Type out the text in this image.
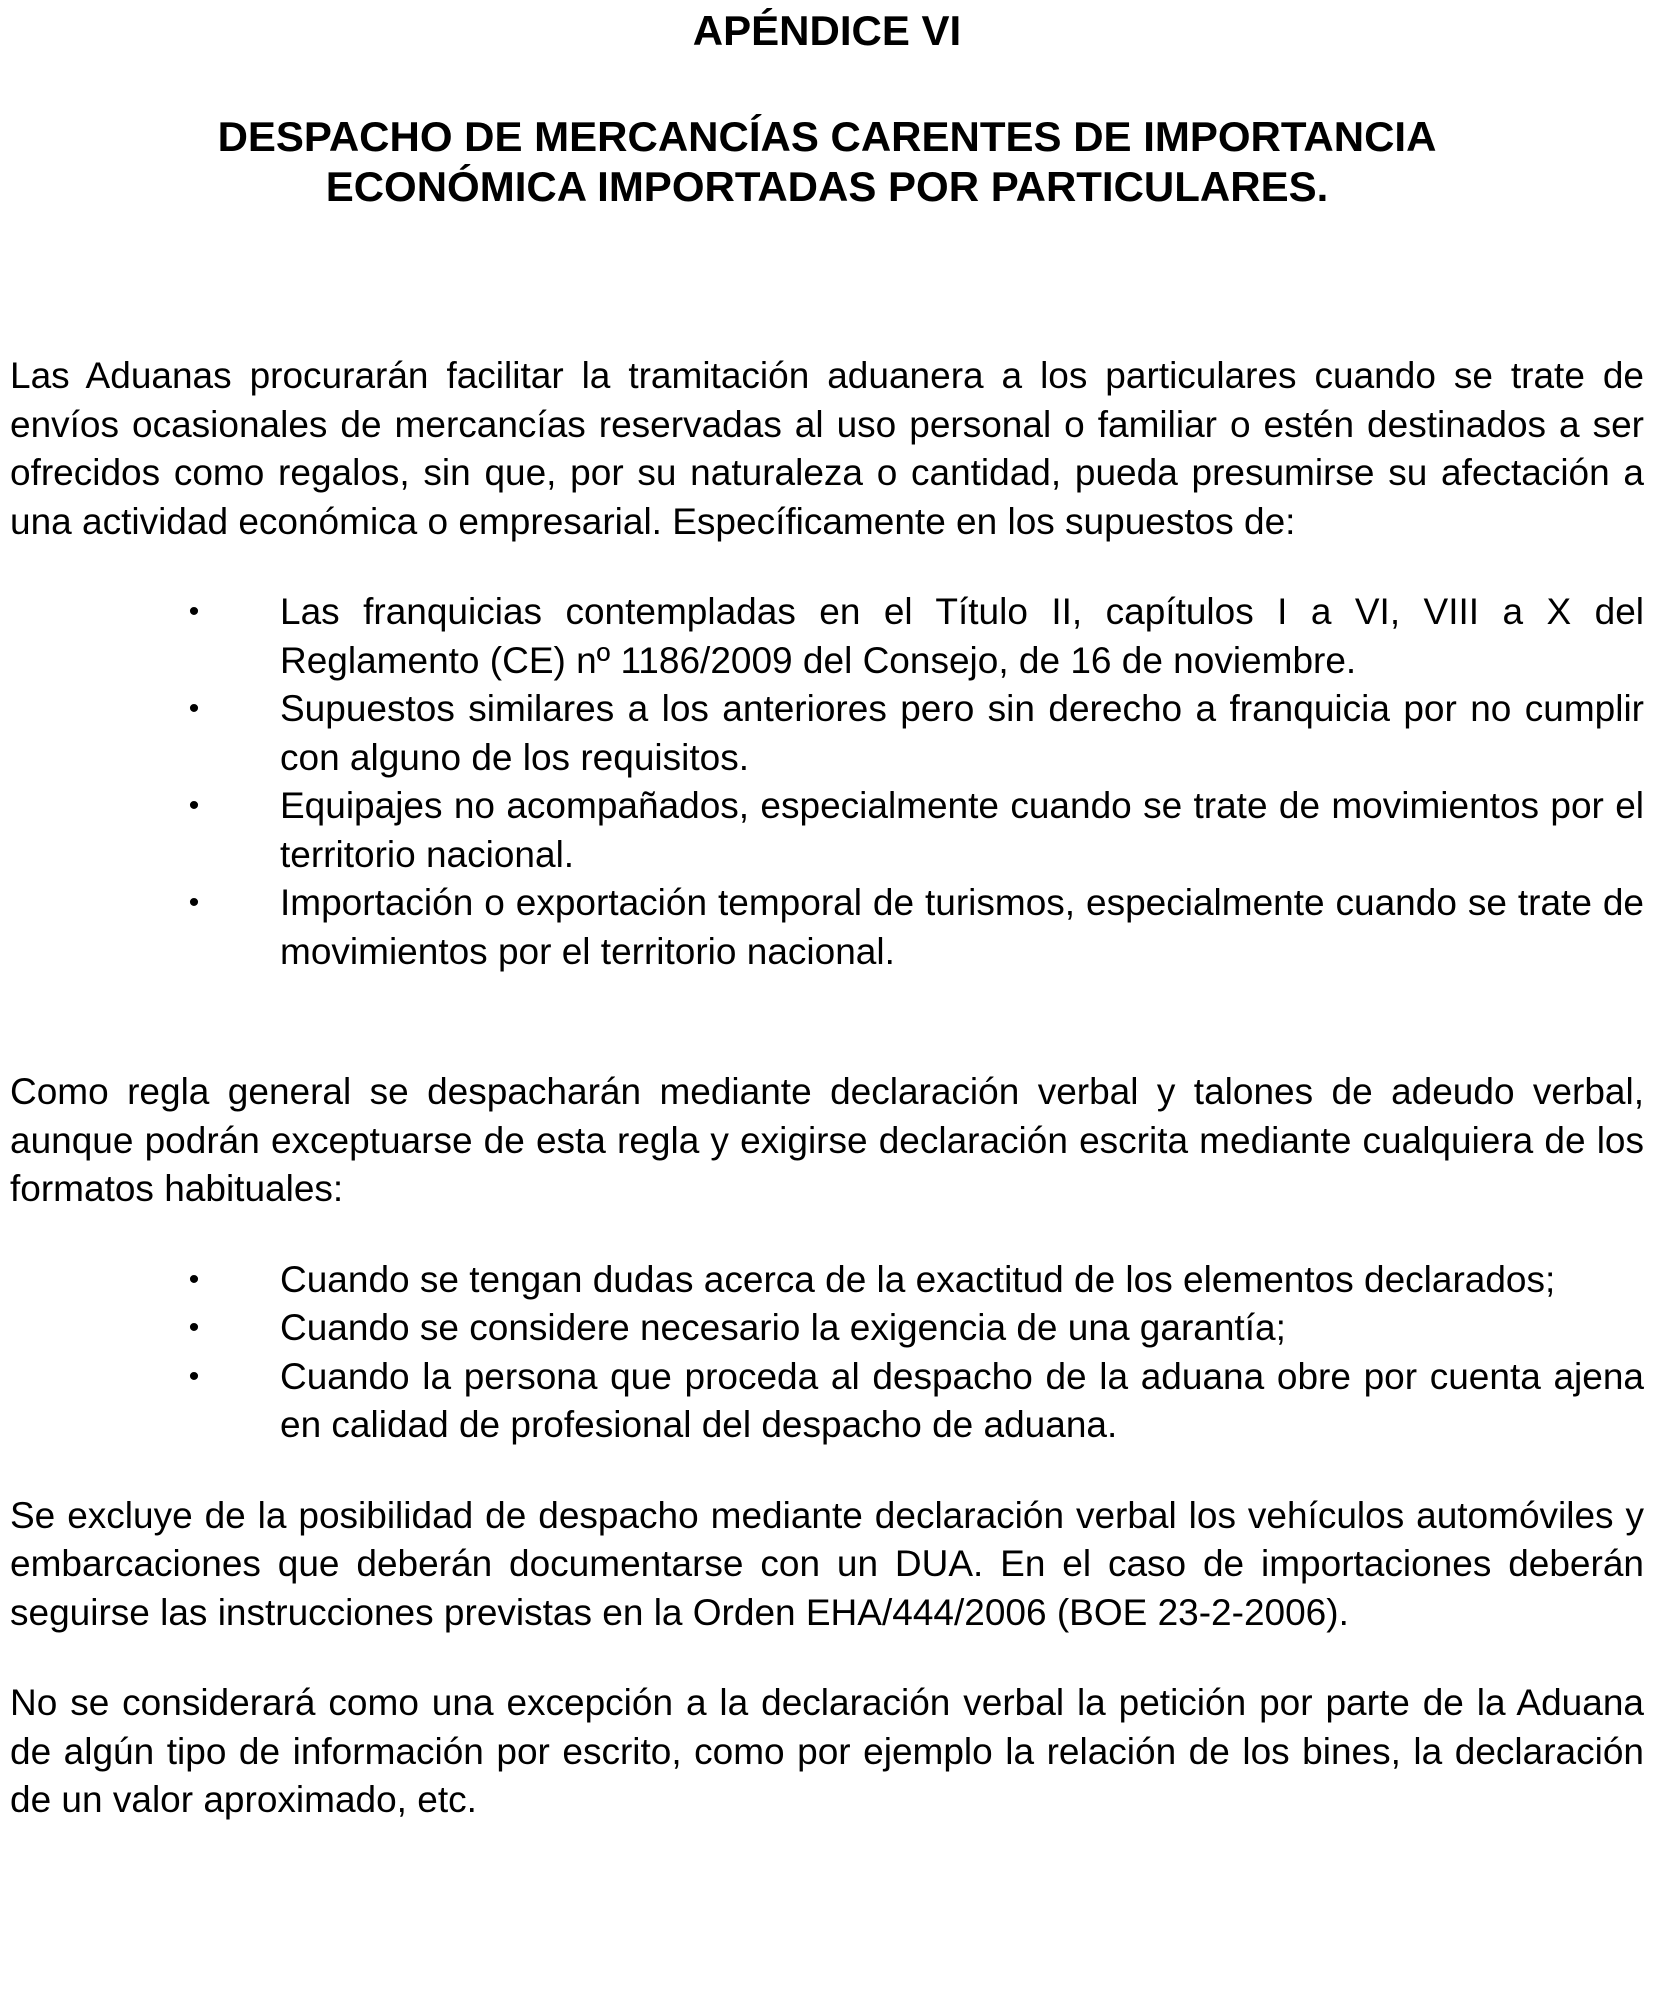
APÉNDICE VI
DESPACHO DE MERCANCÍAS CARENTES DE IMPORTANCIA
ECONÓMICA IMPORTADAS POR PARTICULARES.

Las Aduanas procurarán facilitar la tramitación aduanera a los particulares cuando se trate de envíos ocasionales de mercancías reservadas al uso personal o familiar o estén destinados a ser ofrecidos como regalos, sin que, por su naturaleza o cantidad, pueda presumirse su afectación a una actividad económica o empresarial. Específicamente en los supuestos de:

•	Las franquicias contempladas en el Título II, capítulos I a VI, VIII a X del Reglamento (CE) nº 1186/2009 del Consejo, de 16 de noviembre.
•	Supuestos similares a los anteriores pero sin derecho a franquicia por no cumplir con alguno de los requisitos.
•	Equipajes no acompañados, especialmente cuando se trate de movimientos por el territorio nacional.
•	Importación o exportación temporal de turismos, especialmente cuando se trate de movimientos por el territorio nacional.

Como regla general se despacharán mediante declaración verbal y talones de adeudo verbal, aunque podrán exceptuarse de esta regla y exigirse declaración escrita mediante cualquiera de los formatos habituales:

•	Cuando se tengan dudas acerca de la exactitud de los elementos declarados;
•	Cuando se considere necesario la exigencia de una garantía;
•	Cuando la persona que proceda al despacho de la aduana obre por cuenta ajena en calidad de profesional del despacho de aduana.

Se excluye de la posibilidad de despacho mediante declaración verbal los vehículos automóviles y embarcaciones que deberán documentarse con un DUA. En el caso de importaciones deberán seguirse las instrucciones previstas en la Orden EHA/444/2006 (BOE 23-2-2006).

No se considerará como una excepción a la declaración verbal la petición por parte de la Aduana de algún tipo de información por escrito, como por ejemplo la relación de los bines, la declaración de un valor aproximado, etc.
